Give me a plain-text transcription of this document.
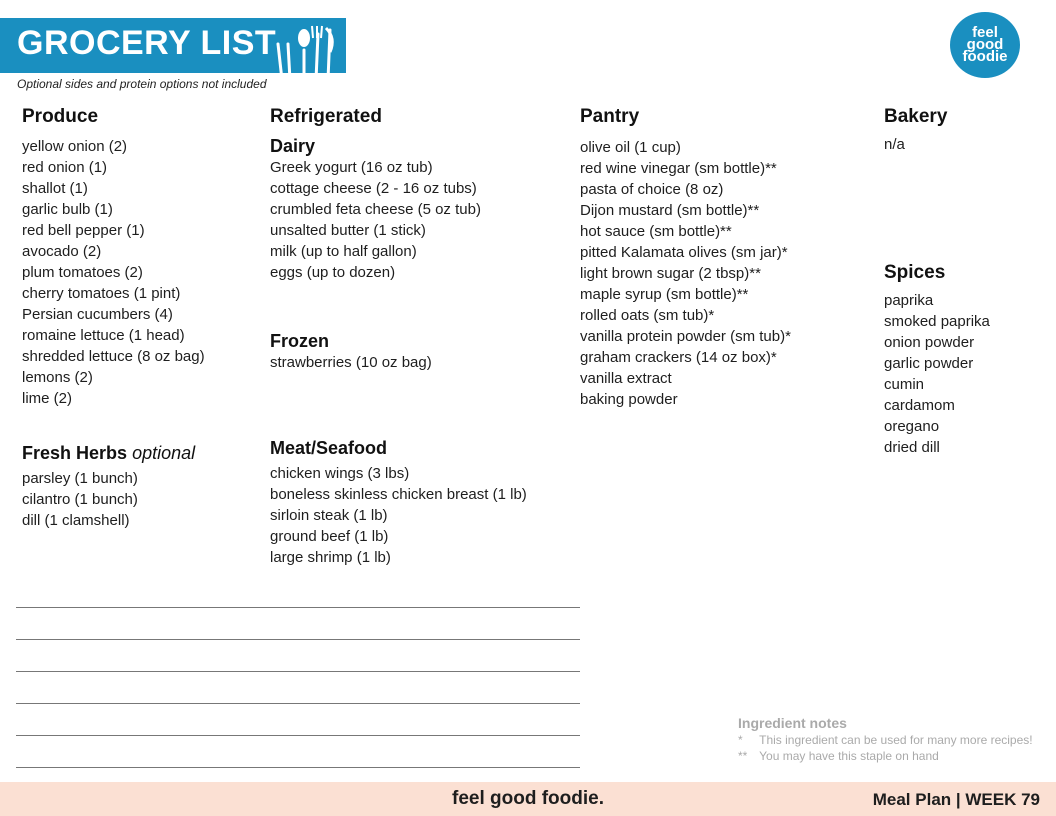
GROCERY LIST
Optional sides and protein options not included
feel
good
foodie
Produce
yellow onion (2)
red onion (1)
shallot (1)
garlic bulb (1)
red bell pepper (1)
avocado (2)
plum tomatoes (2)
cherry tomatoes (1 pint)
Persian cucumbers (4)
romaine lettuce (1 head)
shredded lettuce (8 oz bag)
lemons (2)
lime (2)
Fresh Herbs optional
parsley (1 bunch)
cilantro (1 bunch)
dill (1 clamshell)
Refrigerated
Dairy
Greek yogurt (16 oz tub)
cottage cheese (2 - 16 oz tubs)
crumbled feta cheese (5 oz tub)
unsalted butter (1 stick)
milk (up to half gallon)
eggs (up to dozen)
Frozen
strawberries (10 oz bag)
Meat/Seafood
chicken wings (3 lbs)
boneless skinless chicken breast (1 lb)
sirloin steak (1 lb)
ground beef (1 lb)
large shrimp (1 lb)
Pantry
olive oil (1 cup)
red wine vinegar (sm bottle)**
pasta of choice (8 oz)
Dijon mustard (sm bottle)**
hot sauce (sm bottle)**
pitted Kalamata olives (sm jar)*
light brown sugar (2 tbsp)**
maple syrup (sm bottle)**
rolled oats (sm tub)*
vanilla protein powder (sm tub)*
graham crackers (14 oz box)*
vanilla extract
baking powder
Bakery
n/a
Spices
paprika
smoked paprika
onion powder
garlic powder
cumin
cardamom
oregano
dried dill
Ingredient notes
* This ingredient can be used for many more recipes!
** You may have this staple on hand
feel good foodie.	Meal Plan | WEEK 79
